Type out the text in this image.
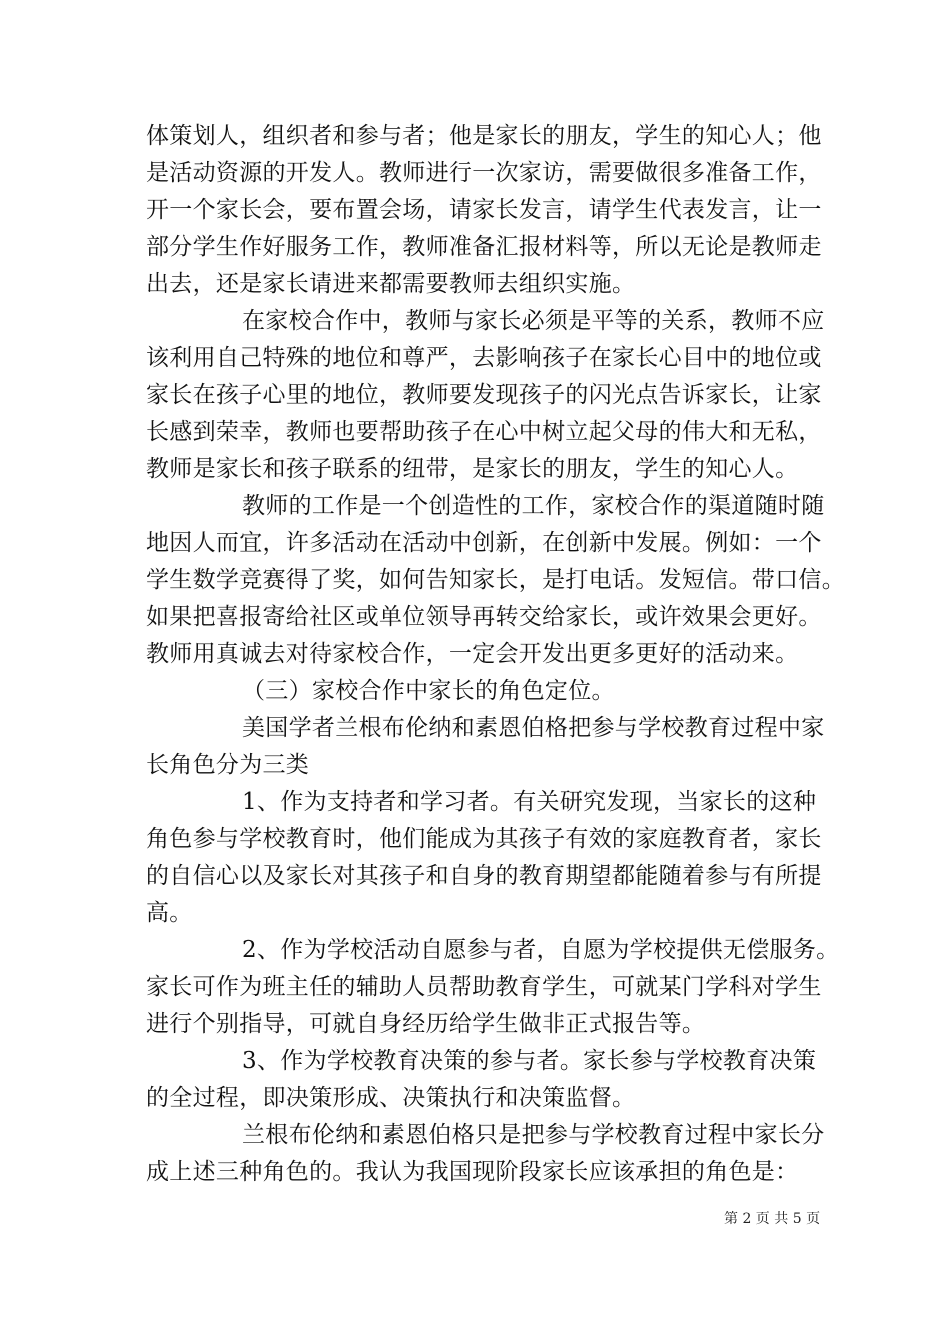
体策划人，组织者和参与者；他是家长的朋友，学生的知心人；他
是活动资源的开发人。教师进行一次家访，需要做很多准备工作，
开一个家长会，要布置会场，请家长发言，请学生代表发言，让一
部分学生作好服务工作，教师准备汇报材料等，所以无论是教师走
出去，还是家长请进来都需要教师去组织实施。
在家校合作中，教师与家长必须是平等的关系，教师不应
该利用自己特殊的地位和尊严，去影响孩子在家长心目中的地位或
家长在孩子心里的地位，教师要发现孩子的闪光点告诉家长，让家
长感到荣幸，教师也要帮助孩子在心中树立起父母的伟大和无私，
教师是家长和孩子联系的纽带，是家长的朋友，学生的知心人。
教师的工作是一个创造性的工作，家校合作的渠道随时随
地因人而宜，许多活动在活动中创新，在创新中发展。例如：一个
学生数学竞赛得了奖，如何告知家长，是打电话。发短信。带口信。
如果把喜报寄给社区或单位领导再转交给家长，或许效果会更好。
教师用真诚去对待家校合作，一定会开发出更多更好的活动来。
（三）家校合作中家长的角色定位。
美国学者兰根布伦纳和素恩伯格把参与学校教育过程中家
长角色分为三类
1、作为支持者和学习者。有关研究发现，当家长的这种
角色参与学校教育时，他们能成为其孩子有效的家庭教育者，家长
的自信心以及家长对其孩子和自身的教育期望都能随着参与有所提
高。
2、作为学校活动自愿参与者，自愿为学校提供无偿服务。
家长可作为班主任的辅助人员帮助教育学生，可就某门学科对学生
进行个别指导，可就自身经历给学生做非正式报告等。
3、作为学校教育决策的参与者。家长参与学校教育决策
的全过程，即决策形成、决策执行和决策监督。
兰根布伦纳和素恩伯格只是把参与学校教育过程中家长分
成上述三种角色的。我认为我国现阶段家长应该承担的角色是：
第 2 页 共 5 页
